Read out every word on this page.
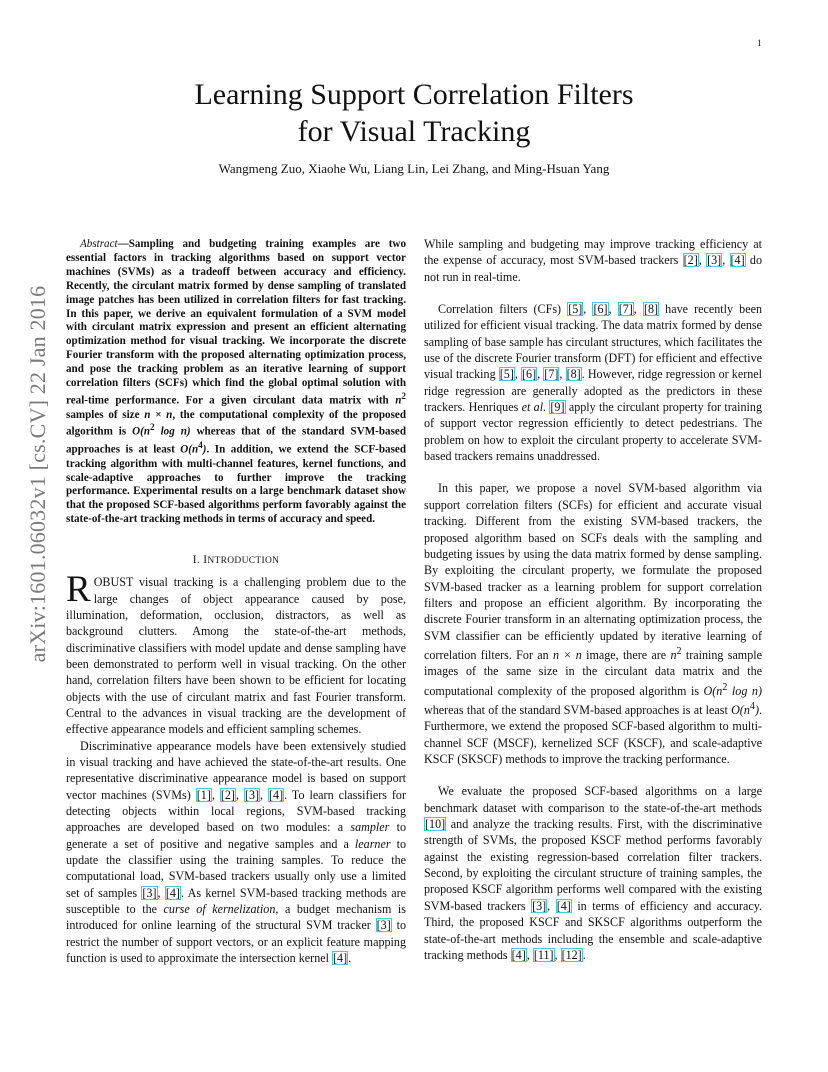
1
arXiv:1601.06032v1 [cs.CV] 22 Jan 2016
Learning Support Correlation Filters
for Visual Tracking
Wangmeng Zuo, Xiaohe Wu, Liang Lin, Lei Zhang, and Ming-Hsuan Yang

Abstract—Sampling and budgeting training examples are two essential factors in tracking algorithms based on support vector machines (SVMs) as a tradeoff between accuracy and efficiency. Recently, the circulant matrix formed by dense sampling of translated image patches has been utilized in correlation filters for fast tracking. In this paper, we derive an equivalent formulation of a SVM model with circulant matrix expression and present an efficient alternating optimization method for visual tracking. We incorporate the discrete Fourier transform with the proposed alternating optimization process, and pose the tracking problem as an iterative learning of support correlation filters (SCFs) which find the global optimal solution with real-time performance. For a given circulant data matrix with $n^2$ samples of size n × n, the computational complexity of the proposed algorithm is $O(n^2$ log n) whereas that of the standard SVM-based approaches is at least $O(n^4)$. In addition, we extend the SCF-based tracking algorithm with multi-channel features, kernel functions, and scale-adaptive approaches to further improve the tracking performance. Experimental results on a large benchmark dataset show that the proposed SCF-based algorithms perform favorably against the state-of-the-art tracking methods in terms of accuracy and speed.

I. INTRODUCTION

ROBUST visual tracking is a challenging problem due to the large changes of object appearance caused by pose, illumination, deformation, occlusion, distractors, as well as background clutters. Among the state-of-the-art methods, discriminative classifiers with model update and dense sampling have been demonstrated to perform well in visual tracking. On the other hand, correlation filters have been shown to be efficient for locating objects with the use of circulant matrix and fast Fourier transform. Central to the advances in visual tracking are the development of effective appearance models and efficient sampling schemes.

Discriminative appearance models have been extensively studied in visual tracking and have achieved the state-of-the-art results. One representative discriminative appearance model is based on support vector machines (SVMs) [1], [2], [3], [4]. To learn classifiers for detecting objects within local regions, SVM-based tracking approaches are developed based on two modules: a sampler to generate a set of positive and negative samples and a learner to update the classifier using the training samples. To reduce the computational load, SVM-based trackers usually only use a limited set of samples [3], [4]. As kernel SVM-based tracking methods are susceptible to the curse of kernelization, a budget mechanism is introduced for online learning of the structural SVM tracker [3] to restrict the number of support vectors, or an explicit feature mapping function is used to approximate the intersection kernel [4].

While sampling and budgeting may improve tracking efficiency at the expense of accuracy, most SVM-based trackers [2], [3], [4] do not run in real-time.

Correlation filters (CFs) [5], [6], [7], [8] have recently been utilized for efficient visual tracking. The data matrix formed by dense sampling of base sample has circulant structures, which facilitates the use of the discrete Fourier transform (DFT) for efficient and effective visual tracking [5], [6], [7], [8]. However, ridge regression or kernel ridge regression are generally adopted as the predictors in these trackers. Henriques et al. [9] apply the circulant property for training of support vector regression efficiently to detect pedestrians. The problem on how to exploit the circulant property to accelerate SVM-based trackers remains unaddressed.

In this paper, we propose a novel SVM-based algorithm via support correlation filters (SCFs) for efficient and accurate visual tracking. Different from the existing SVM-based trackers, the proposed algorithm based on SCFs deals with the sampling and budgeting issues by using the data matrix formed by dense sampling. By exploiting the circulant property, we formulate the proposed SVM-based tracker as a learning problem for support correlation filters and propose an efficient algorithm. By incorporating the discrete Fourier transform in an alternating optimization process, the SVM classifier can be efficiently updated by iterative learning of correlation filters. For an n × n image, there are $n^2$ training sample images of the same size in the circulant data matrix and the computational complexity of the proposed algorithm is $O(n^2$ log n) whereas that of the standard SVM-based approaches is at least $O(n^4)$. Furthermore, we extend the proposed SCF-based algorithm to multi-channel SCF (MSCF), kernelized SCF (KSCF), and scale-adaptive KSCF (SKSCF) methods to improve the tracking performance.

We evaluate the proposed SCF-based algorithms on a large benchmark dataset with comparison to the state-of-the-art methods [10] and analyze the tracking results. First, with the discriminative strength of SVMs, the proposed KSCF method performs favorably against the existing regression-based correlation filter trackers. Second, by exploiting the circulant structure of training samples, the proposed KSCF algorithm performs well compared with the existing SVM-based trackers [3], [4] in terms of efficiency and accuracy. Third, the proposed KSCF and SKSCF algorithms outperform the state-of-the-art methods including the ensemble and scale-adaptive tracking methods [4], [11], [12].
